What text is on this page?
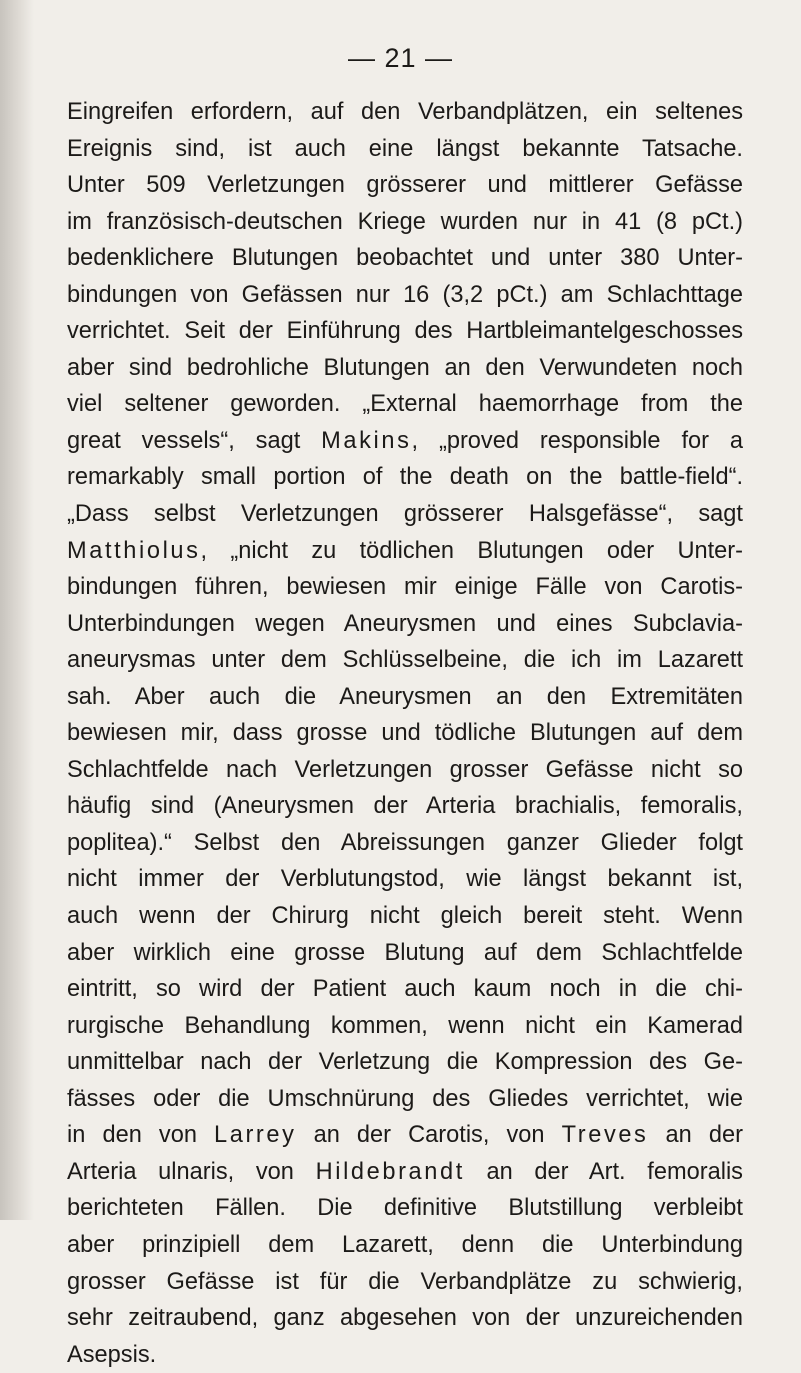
— 21 —
Eingreifen erfordern, auf den Verbandplätzen, ein seltenes
Ereignis sind, ist auch eine längst bekannte Tatsache.
Unter 509 Verletzungen grösserer und mittlerer Gefässe
im französisch-deutschen Kriege wurden nur in 41 (8 pCt.)
bedenklichere Blutungen beobachtet und unter 380 Unter-
bindungen von Gefässen nur 16 (3,2 pCt.) am Schlachttage
verrichtet. Seit der Einführung des Hartbleimantelgeschosses
aber sind bedrohliche Blutungen an den Verwundeten noch
viel seltener geworden. „External haemorrhage from the
great vessels“, sagt Makins, „proved responsible for a
remarkably small portion of the death on the battle-field“.
„Dass selbst Verletzungen grösserer Halsgefässe“, sagt
Matthiolus, „nicht zu tödlichen Blutungen oder Unter-
bindungen führen, bewiesen mir einige Fälle von Carotis-
Unterbindungen wegen Aneurysmen und eines Subclavia-
aneurysmas unter dem Schlüsselbeine, die ich im Lazarett
sah. Aber auch die Aneurysmen an den Extremitäten
bewiesen mir, dass grosse und tödliche Blutungen auf dem
Schlachtfelde nach Verletzungen grosser Gefässe nicht so
häufig sind (Aneurysmen der Arteria brachialis, femoralis,
poplitea).“ Selbst den Abreissungen ganzer Glieder folgt
nicht immer der Verblutungstod, wie längst bekannt ist,
auch wenn der Chirurg nicht gleich bereit steht. Wenn
aber wirklich eine grosse Blutung auf dem Schlachtfelde
eintritt, so wird der Patient auch kaum noch in die chi-
rurgische Behandlung kommen, wenn nicht ein Kamerad
unmittelbar nach der Verletzung die Kompression des Ge-
fässes oder die Umschnürung des Gliedes verrichtet, wie
in den von Larrey an der Carotis, von Treves an der
Arteria ulnaris, von Hildebrandt an der Art. femoralis
berichteten Fällen. Die definitive Blutstillung verbleibt
aber prinzipiell dem Lazarett, denn die Unterbindung
grosser Gefässe ist für die Verbandplätze zu schwierig,
sehr zeitraubend, ganz abgesehen von der unzureichenden
Asepsis.
